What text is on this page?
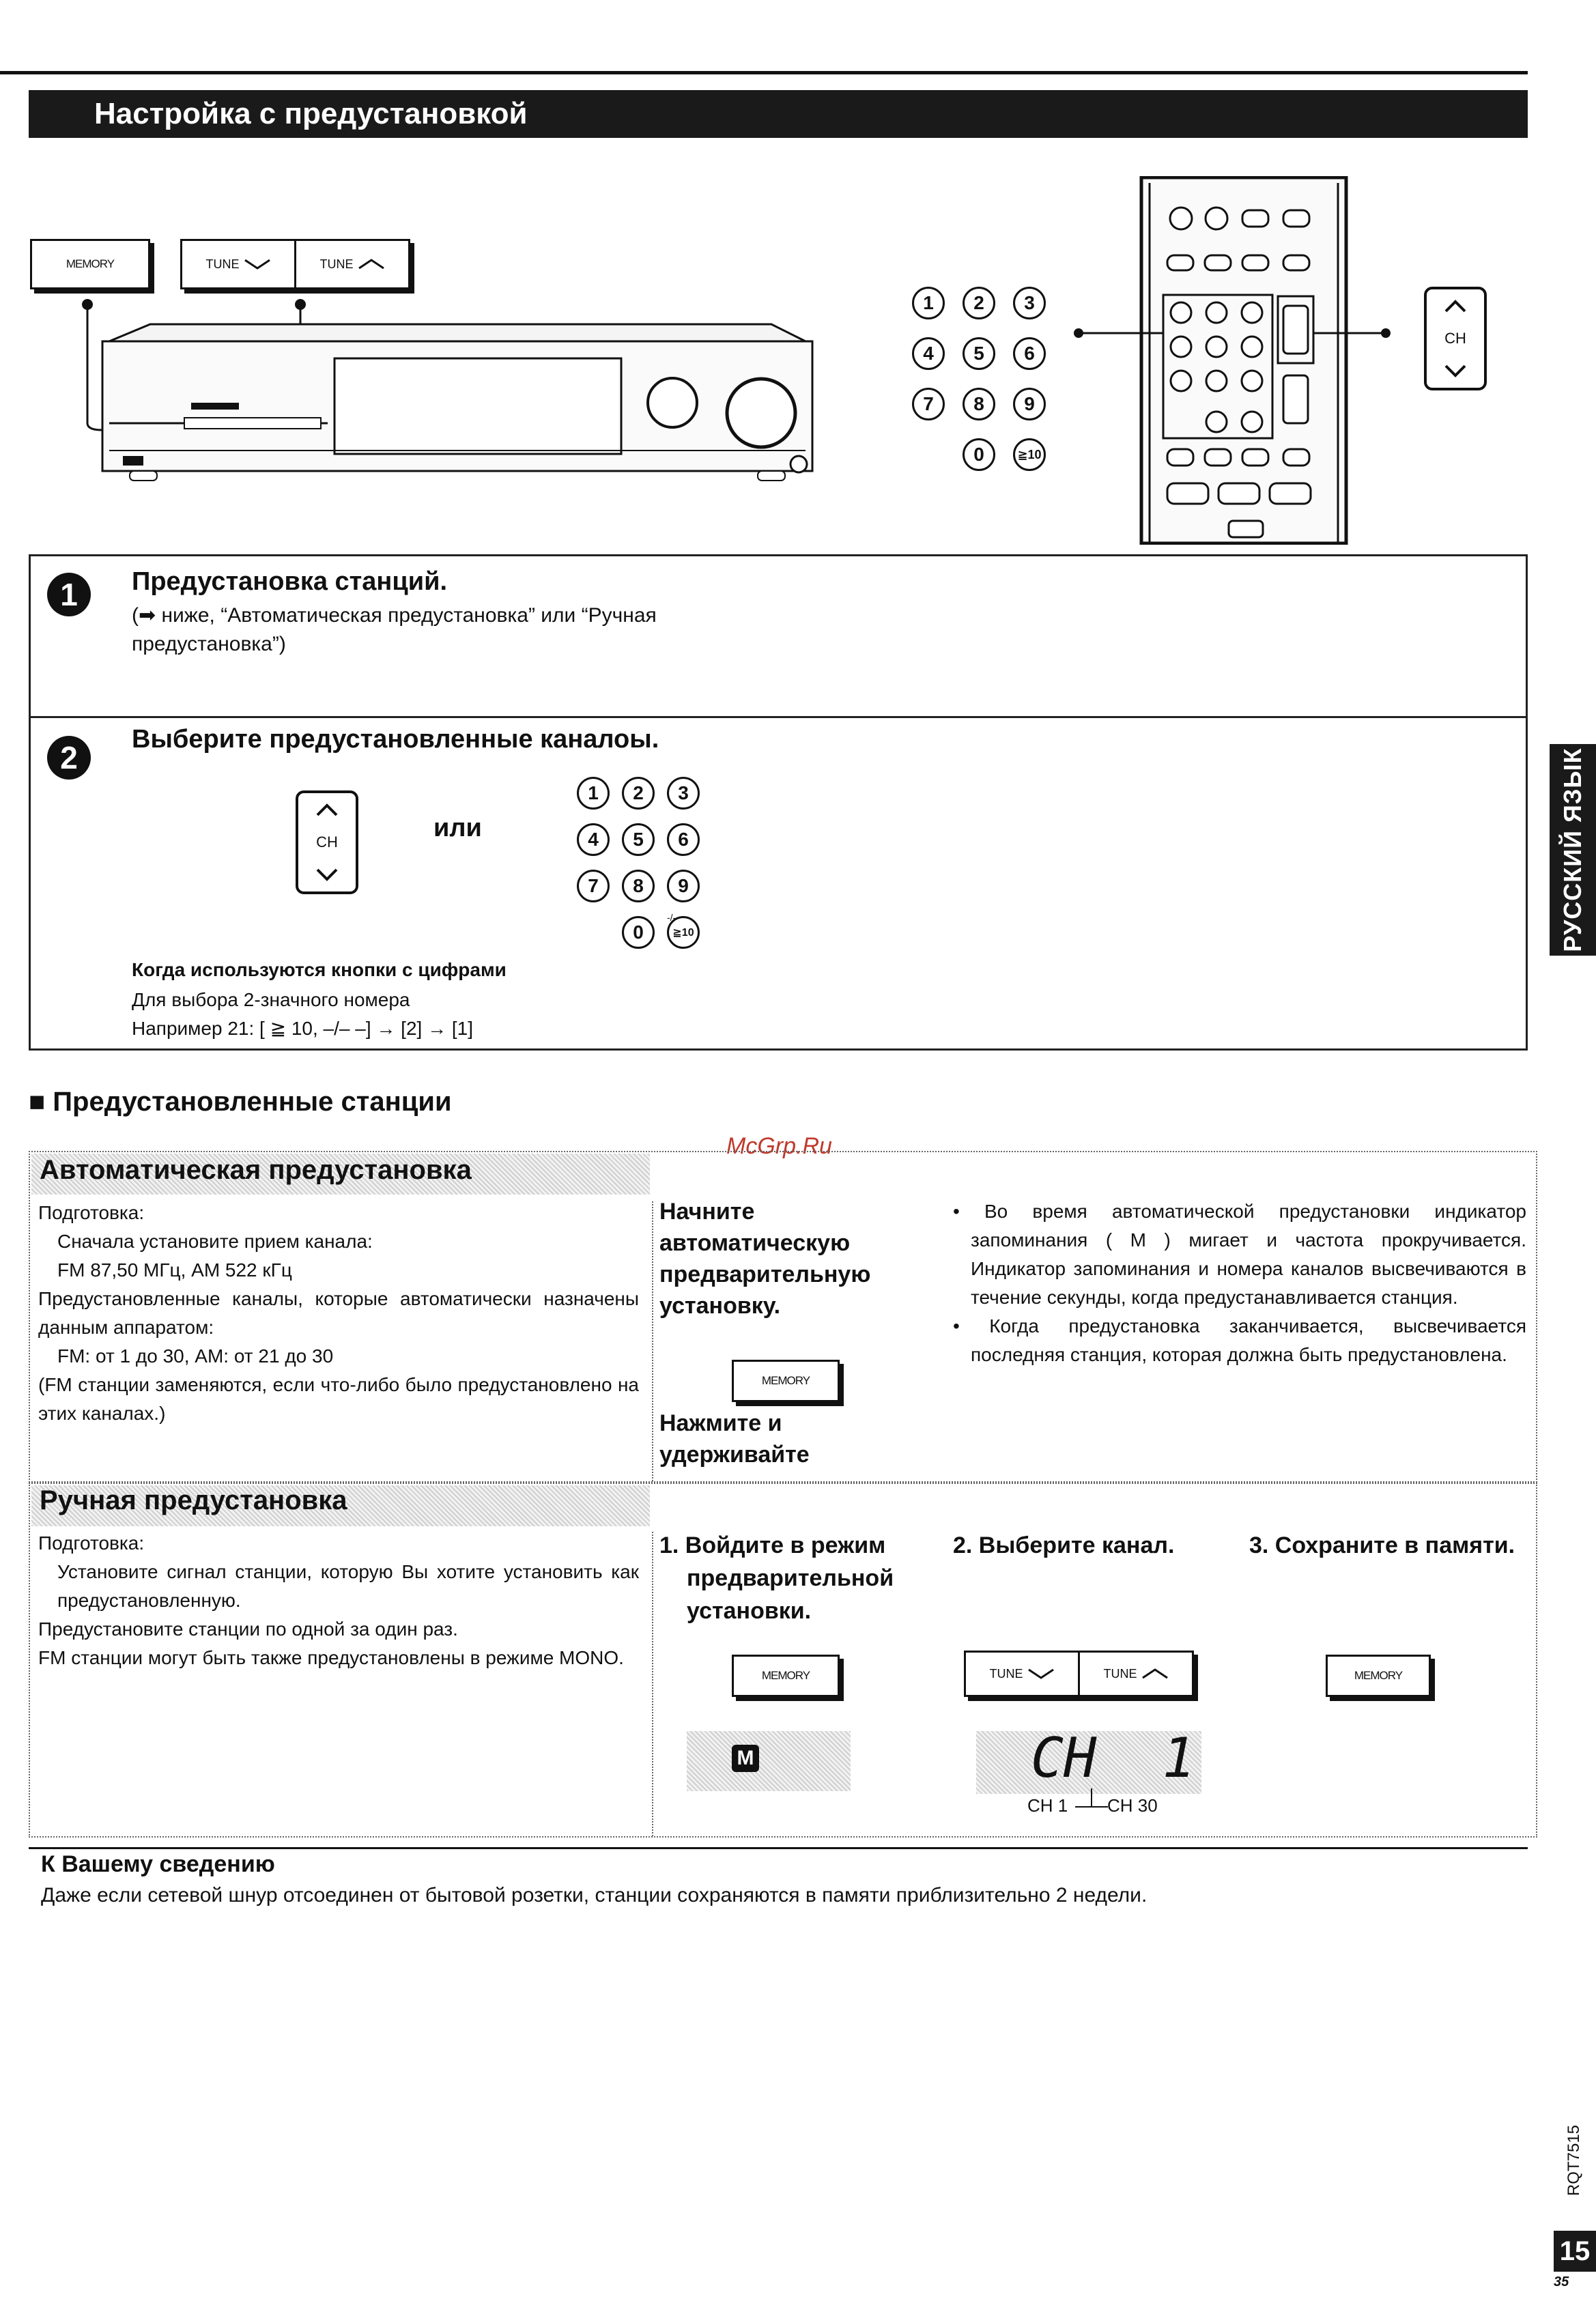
Настройка с предустановкой
MEMORY	TUNE	TUNE
1	2	3
4	5	6
7	8	9
0	≧10
CH
1	Предустановка станций.
(➡ ниже, “Автоматическая предустановка” или “Ручная предустановка”)
2
Выберите предустановленные каналоы.
CH	или
1	2	3
4	5	6
7	8	9
0	≧10
-/--
Когда используются кнопки с цифрами
Для выбора 2-значного номера
Например 21: [ ≧ 10, –/– –] → [2] → [1]
■ Предустановленные станции
McGrp.Ru
Автоматическая предустановка
Подготовка:
Сначала установите прием канала:
FM 87,50 МГц, AM 522 кГц
Предустановленные каналы, которые автоматически назначены данным аппаратом:
FM: от 1 до 30, AM: от 21 до 30
(FM станции заменяются, если что-либо было предустановлено на этих каналах.)
Начните автоматическую предварительную установку.
MEMORY
Нажмите и удерживайте
• Во время автоматической предустановки индикатор запоминания ( M ) мигает и частота прокручивается. Индикатор запоминания и номера каналов высвечиваются в течение секунды, когда предустанавливается станция.
• Когда предустановка заканчивается, высвечивается последняя станция, которая должна быть предустановлена.
Ручная предустановка
Подготовка:
Установите сигнал станции, которую Вы хотите установить как предустановленную.
Предустановите станции по одной за один раз.
FM станции могут быть также предустановлены в режиме MONO.
1. Войдите в режим предварительной установки.
2. Выберите канал.	3. Сохраните в памяти.
MEMORY	TUNE	TUNE	MEMORY
M	CH  1
CH 1 CH 30
К Вашему сведению
Даже если сетевой шнур отсоединен от бытовой розетки, станции сохраняются в памяти приблизительно 2 недели.
РУССКИЙ ЯЗЫК
RQT7515
15
35
